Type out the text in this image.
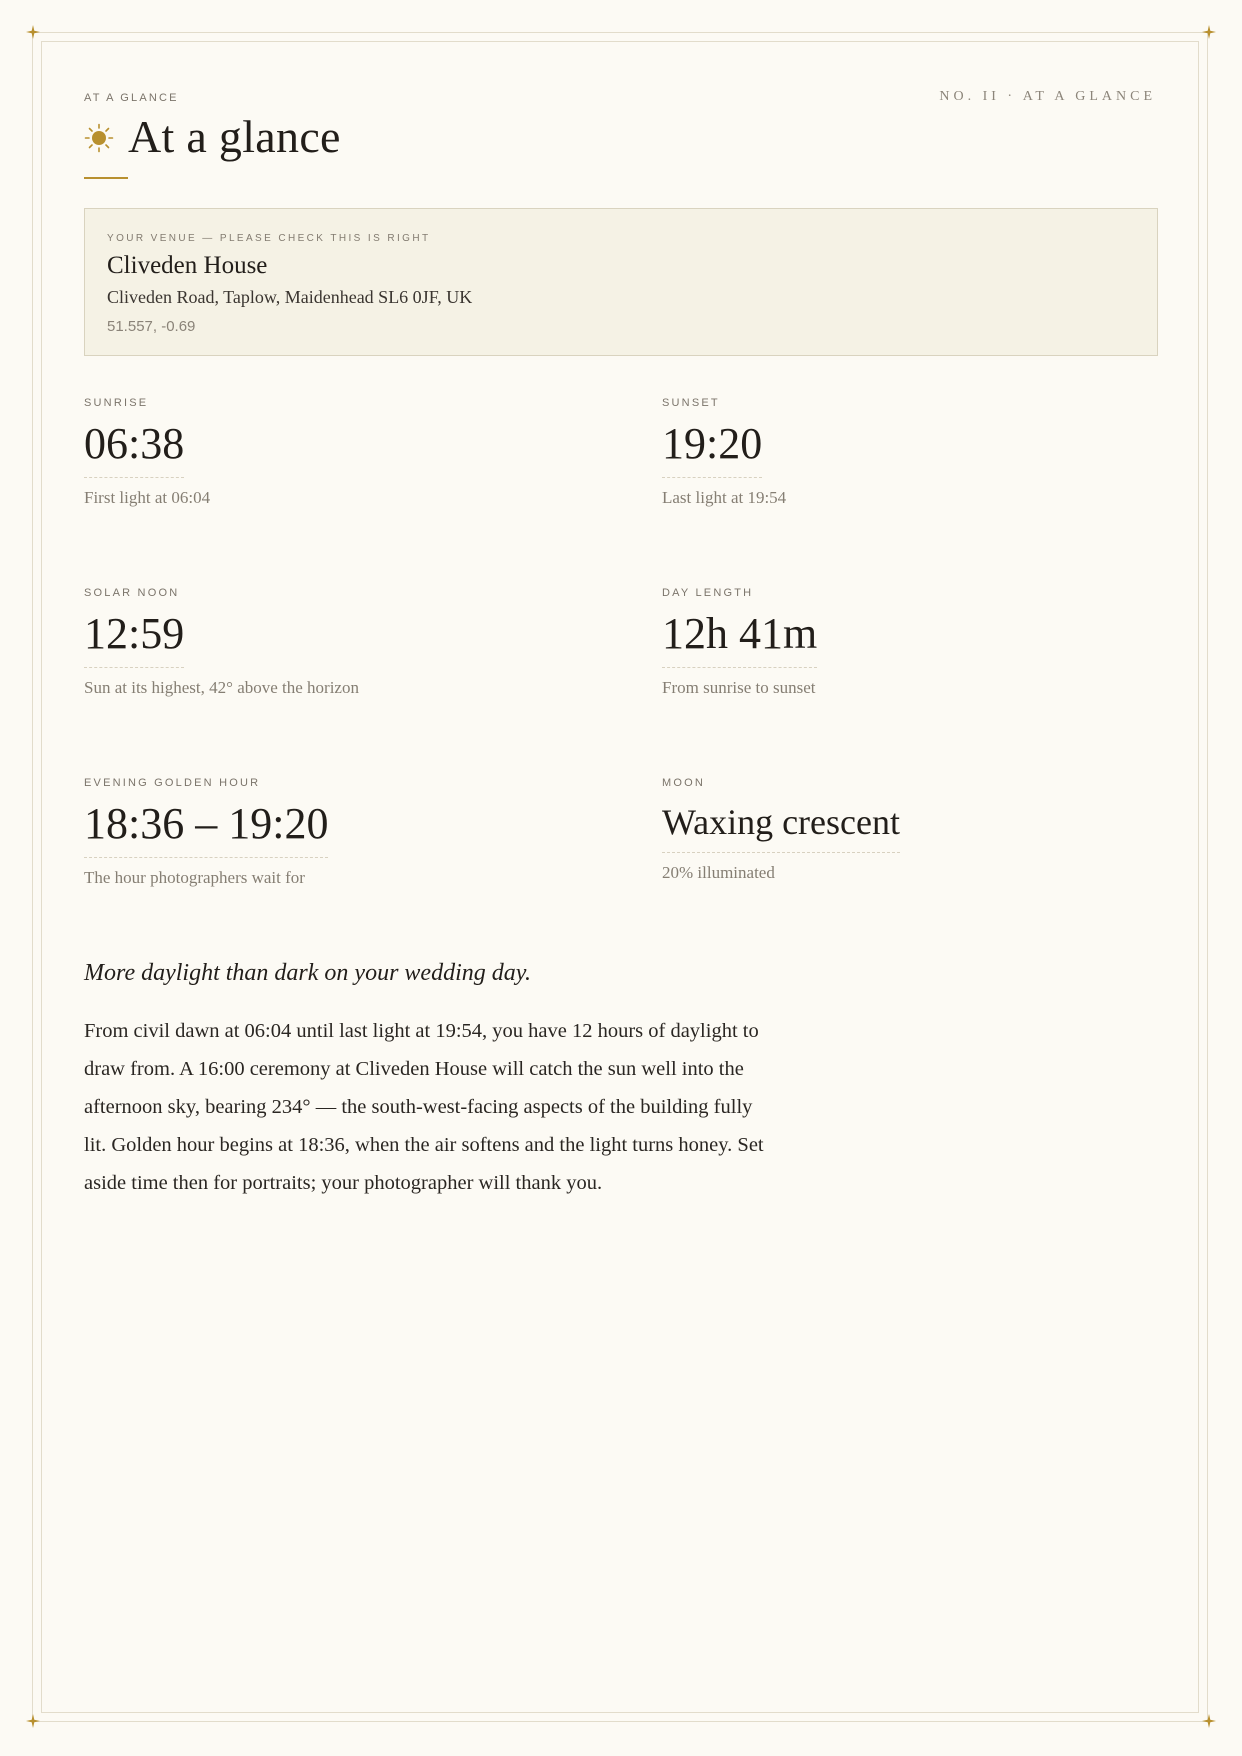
AT A GLANCE	NO. II · AT A GLANCE
At a glance
YOUR VENUE — PLEASE CHECK THIS IS RIGHT
Cliveden House
Cliveden Road, Taplow, Maidenhead SL6 0JF, UK
51.557, -0.69
SUNRISE
06:38
First light at 06:04
SUNSET
19:20
Last light at 19:54
SOLAR NOON
12:59
Sun at its highest, 42° above the horizon
DAY LENGTH
12h 41m
From sunrise to sunset
EVENING GOLDEN HOUR
18:36 – 19:20
The hour photographers wait for
MOON
Waxing crescent
20% illuminated
More daylight than dark on your wedding day.

From civil dawn at 06:04 until last light at 19:54, you have 12 hours of daylight to draw from. A 16:00 ceremony at Cliveden House will catch the sun well into the afternoon sky, bearing 234° — the south-west-facing aspects of the building fully lit. Golden hour begins at 18:36, when the air softens and the light turns honey. Set aside time then for portraits; your photographer will thank you.
